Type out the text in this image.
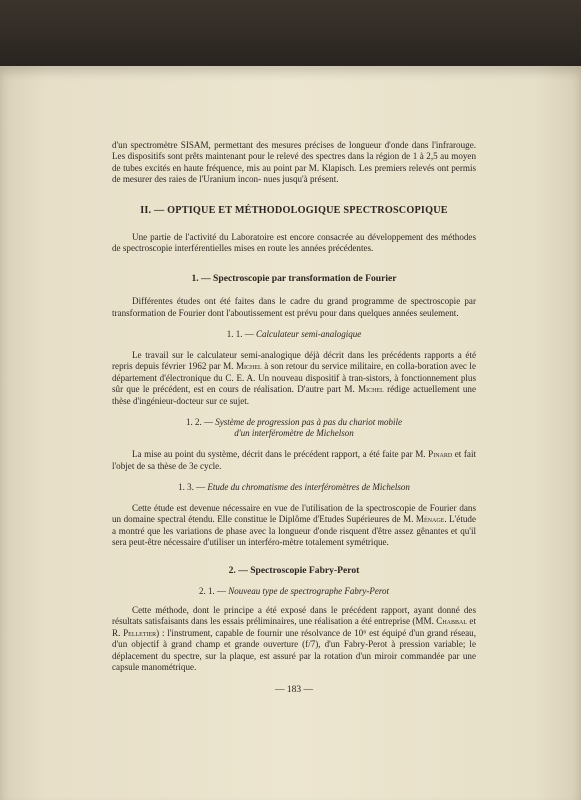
d'un spectromètre SISAM, permettant des mesures précises de longueur d'onde dans l'infrarouge. Les dispositifs sont prêts maintenant pour le relevé des spectres dans la région de 1 à 2,5 au moyen de tubes excités en haute fréquence, mis au point par M. Klapisch. Les premiers relevés ont permis de mesurer des raies de l'Uranium incon- nues jusqu'à présent.

II. — OPTIQUE ET MÉTHODOLOGIQUE SPECTROSCOPIQUE

Une partie de l'activité du Laboratoire est encore consacrée au développement des méthodes de spectroscopie interférentielles mises en route les années précédentes.

1. — Spectroscopie par transformation de Fourier

Différentes études ont été faites dans le cadre du grand programme de spectroscopie par transformation de Fourier dont l'aboutissement est prévu pour dans quelques années seulement.

1. 1. — Calculateur semi-analogique

Le travail sur le calculateur semi-analogique déjà décrit dans les précédents rapports a été repris depuis février 1962 par M. Michel à son retour du service militaire, en colla-boration avec le département d'électronique du C. E. A. Un nouveau dispositif à tran-sistors, à fonctionnement plus sûr que le précédent, est en cours de réalisation. D'autre part M. Michel rédige actuellement une thèse d'ingénieur-docteur sur ce sujet.

1. 2. — Système de progression pas à pas du chariot mobile
d'un interféromètre de Michelson

La mise au point du système, décrit dans le précédent rapport, a été faite par M. Pinard et fait l'objet de sa thèse de 3e cycle.

1. 3. — Etude du chromatisme des interféromètres de Michelson

Cette étude est devenue nécessaire en vue de l'utilisation de la spectroscopie de Fourier dans un domaine spectral étendu. Elle constitue le Diplôme d'Etudes Supérieures de M. Ménage. L'étude a montré que les variations de phase avec la longueur d'onde risquent d'être assez gênantes et qu'il sera peut-être nécessaire d'utiliser un interféro-mètre totalement symétrique.

2. — Spectroscopie Fabry-Perot

2. 1. — Nouveau type de spectrographe Fabry-Perot

Cette méthode, dont le principe a été exposé dans le précédent rapport, ayant donné des résultats satisfaisants dans les essais préliminaires, une réalisation a été entreprise (MM. Chabbal et R. Pelletier) : l'instrument, capable de fournir une résolvance de 10⁶ est équipé d'un grand réseau, d'un objectif à grand champ et grande ouverture (f/7), d'un Fabry-Perot à pression variable; le déplacement du spectre, sur la plaque, est assuré par la rotation d'un miroir commandée par une capsule manométrique.

— 183 —
